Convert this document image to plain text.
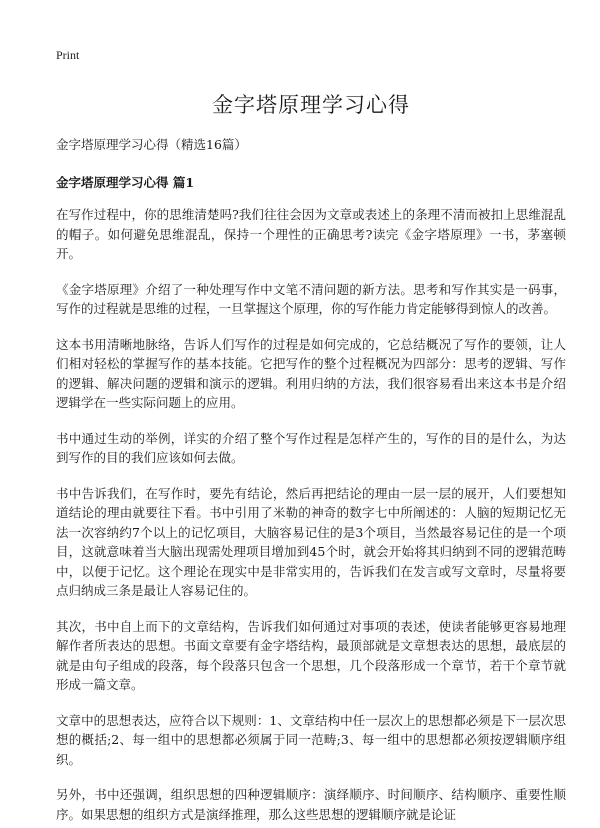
Print
金字塔原理学习心得

金字塔原理学习心得（精选16篇）

金字塔原理学习心得 篇1

在写作过程中，你的思维清楚吗?我们往往会因为文章或表述上的条理不清而被扣上思维混乱的帽子。如何避免思维混乱，保持一个理性的正确思考?读完《金字塔原理》一书，茅塞顿开。

《金字塔原理》介绍了一种处理写作中文笔不清问题的新方法。思考和写作其实是一码事，写作的过程就是思维的过程，一旦掌握这个原理，你的写作能力肯定能够得到惊人的改善。

这本书用清晰地脉络，告诉人们写作的过程是如何完成的，它总结概况了写作的要领，让人们相对轻松的掌握写作的基本技能。它把写作的整个过程概况为四部分：思考的逻辑、写作的逻辑、解决问题的逻辑和演示的逻辑。利用归纳的方法，我们很容易看出来这本书是介绍逻辑学在一些实际问题上的应用。

书中通过生动的举例，详实的介绍了整个写作过程是怎样产生的，写作的目的是什么，为达到写作的目的我们应该如何去做。

书中告诉我们，在写作时，要先有结论，然后再把结论的理由一层一层的展开，人们要想知道结论的理由就要往下看。书中引用了米勒的神奇的数字七中所阐述的：人脑的短期记忆无法一次容纳约7个以上的记忆项目，大脑容易记住的是3个项目，当然最容易记住的是一个项目，这就意味着当大脑出现需处理项目增加到45个时，就会开始将其归纳到不同的逻辑范畴中，以便于记忆。这个理论在现实中是非常实用的，告诉我们在发言或写文章时，尽量将要点归纳成三条是最让人容易记住的。

其次，书中自上而下的文章结构，告诉我们如何通过对事项的表述，使读者能够更容易地理解作者所表达的思想。书面文章要有金字塔结构，最顶部就是文章想表达的思想，最底层的就是由句子组成的段落，每个段落只包含一个思想，几个段落形成一个章节，若干个章节就形成一篇文章。

文章中的思想表达，应符合以下规则：1、文章结构中任一层次上的思想都必须是下一层次思想的概括;2、每一组中的思想都必须属于同一范畴;3、每一组中的思想都必须按逻辑顺序组织。

另外，书中还强调，组织思想的四种逻辑顺序：演绎顺序、时间顺序、结构顺序、重要性顺序。如果思想的组织方式是演绎推理，那么这些思想的逻辑顺序就是论证
